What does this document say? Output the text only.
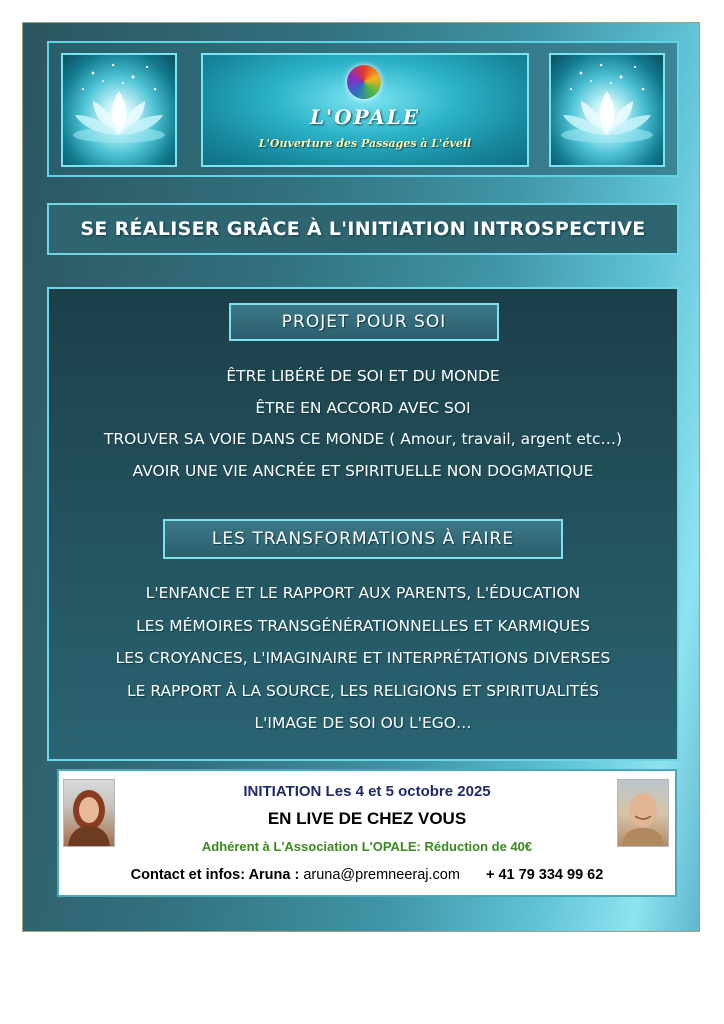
L'OPALE
L'Ouverture des Passages à L'éveil
SE RÉALISER GRÂCE À L'INITIATION INTROSPECTIVE
PROJET POUR SOI
ÊTRE LIBÉRÉ DE SOI ET DU MONDE
ÊTRE EN ACCORD AVEC SOI
TROUVER SA VOIE DANS CE MONDE ( Amour, travail, argent etc…)
AVOIR UNE VIE ANCRÉE ET SPIRITUELLE NON DOGMATIQUE
LES TRANSFORMATIONS À FAIRE
L'ENFANCE ET LE RAPPORT AUX PARENTS, L'ÉDUCATION
LES MÉMOIRES TRANSGÉNÉRATIONNELLES ET KARMIQUES
LES CROYANCES, L'IMAGINAIRE ET INTERPRÉTATIONS DIVERSES
LE RAPPORT À LA SOURCE, LES RELIGIONS ET SPIRITUALITÉS
L'IMAGE DE SOI OU L'EGO…
INITIATION Les 4 et 5 octobre 2025
EN LIVE DE CHEZ VOUS
Adhérent à L'Association L'OPALE: Réduction de 40€
Contact et infos: Aruna : aruna@premneeraj.com + 41 79 334 99 62
